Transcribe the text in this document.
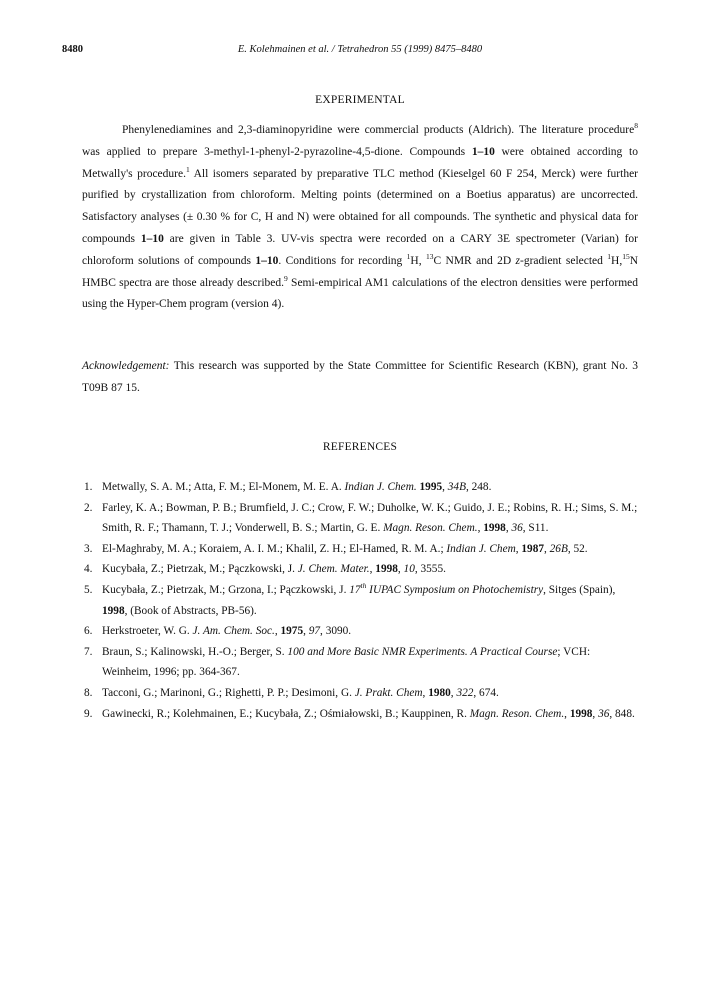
8480	E. Kolehmainen et al. / Tetrahedron 55 (1999) 8475–8480
EXPERIMENTAL

Phenylenediamines and 2,3-diaminopyridine were commercial products (Aldrich). The literature procedure$^8$ was applied to prepare 3-methyl-1-phenyl-2-pyrazoline-4,5-dione. Compounds 1–10 were obtained according to Metwally's procedure.$^1$ All isomers separated by preparative TLC method (Kieselgel 60 F 254, Merck) were further purified by crystallization from chloroform. Melting points (determined on a Boetius apparatus) are uncorrected. Satisfactory analyses (± 0.30 % for C, H and N) were obtained for all compounds. The synthetic and physical data for compounds 1–10 are given in Table 3. UV-vis spectra were recorded on a CARY 3E spectrometer (Varian) for chloroform solutions of compounds 1–10. Conditions for recording $^1$H, $^{13}$C NMR and 2D z-gradient selected $^1$H,$^{15}$N HMBC spectra are those already described.$^9$ Semi-empirical AM1 calculations of the electron densities were performed using the Hyper-Chem program (version 4).

Acknowledgement: This research was supported by the State Committee for Scientific Research (KBN), grant No. 3 T09B 87 15.

REFERENCES
1. Metwally, S. A. M.; Atta, F. M.; El-Monem, M. E. A. Indian J. Chem. 1995, 34B, 248.
2. Farley, K. A.; Bowman, P. B.; Brumfield, J. C.; Crow, F. W.; Duholke, W. K.; Guido, J. E.; Robins, R. H.; Sims, S. M.; Smith, R. F.; Thamann, T. J.; Vonderwell, B. S.; Martin, G. E. Magn. Reson. Chem., 1998, 36, S11.
3. El-Maghraby, M. A.; Koraiem, A. I. M.; Khalil, Z. H.; El-Hamed, R. M. A.; Indian J. Chem, 1987, 26B, 52.
4. Kucybała, Z.; Pietrzak, M.; Pączkowski, J. J. Chem. Mater., 1998, 10, 3555.
5. Kucybała, Z.; Pietrzak, M.; Grzona, I.; Pączkowski, J. 17th IUPAC Symposium on Photochemistry, Sitges (Spain), 1998, (Book of Abstracts, PB-56).
6. Herkstroeter, W. G. J. Am. Chem. Soc., 1975, 97, 3090.
7. Braun, S.; Kalinowski, H.-O.; Berger, S. 100 and More Basic NMR Experiments. A Practical Course; VCH: Weinheim, 1996; pp. 364-367.
8. Tacconi, G.; Marinoni, G.; Righetti, P. P.; Desimoni, G. J. Prakt. Chem, 1980, 322, 674.
9. Gawinecki, R.; Kolehmainen, E.; Kucybała, Z.; Ośmiałowski, B.; Kauppinen, R. Magn. Reson. Chem., 1998, 36, 848.
